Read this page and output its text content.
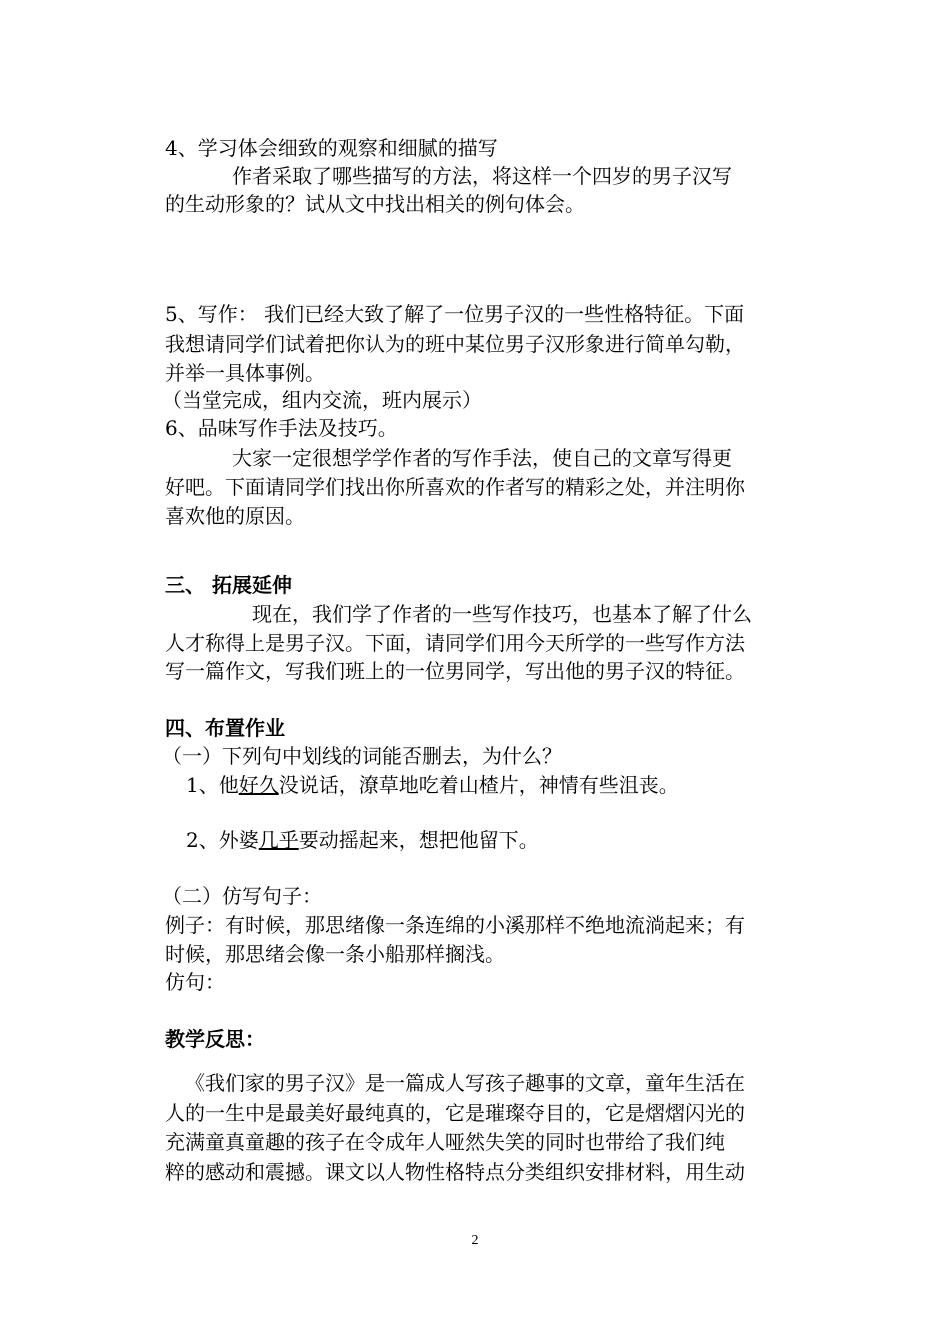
4、学习体会细致的观察和细腻的描写
作者采取了哪些描写的方法，将这样一个四岁的男子汉写
的生动形象的？试从文中找出相关的例句体会。
5、写作： 我们已经大致了解了一位男子汉的一些性格特征。下面
我想请同学们试着把你认为的班中某位男子汉形象进行简单勾勒，
并举一具体事例。
（当堂完成，组内交流，班内展示）
6、品味写作手法及技巧。
大家一定很想学学作者的写作手法，使自己的文章写得更
好吧。下面请同学们找出你所喜欢的作者写的精彩之处，并注明你
喜欢他的原因。
三、 拓展延伸
现在，我们学了作者的一些写作技巧，也基本了解了什么
人才称得上是男子汉。下面，请同学们用今天所学的一些写作方法
写一篇作文，写我们班上的一位男同学，写出他的男子汉的特征。
四、布置作业
（一）下列句中划线的词能否删去，为什么？
1、他好久没说话，潦草地吃着山楂片，神情有些沮丧。
2、外婆几乎要动摇起来，想把他留下。
（二）仿写句子：
例子：有时候，那思绪像一条连绵的小溪那样不绝地流淌起来；有
时候，那思绪会像一条小船那样搁浅。
仿句：
教学反思：
《我们家的男子汉》是一篇成人写孩子趣事的文章，童年生活在
人的一生中是最美好最纯真的，它是璀璨夺目的，它是熠熠闪光的
充满童真童趣的孩子在令成年人哑然失笑的同时也带给了我们纯
粹的感动和震撼。课文以人物性格特点分类组织安排材料，用生动
2
